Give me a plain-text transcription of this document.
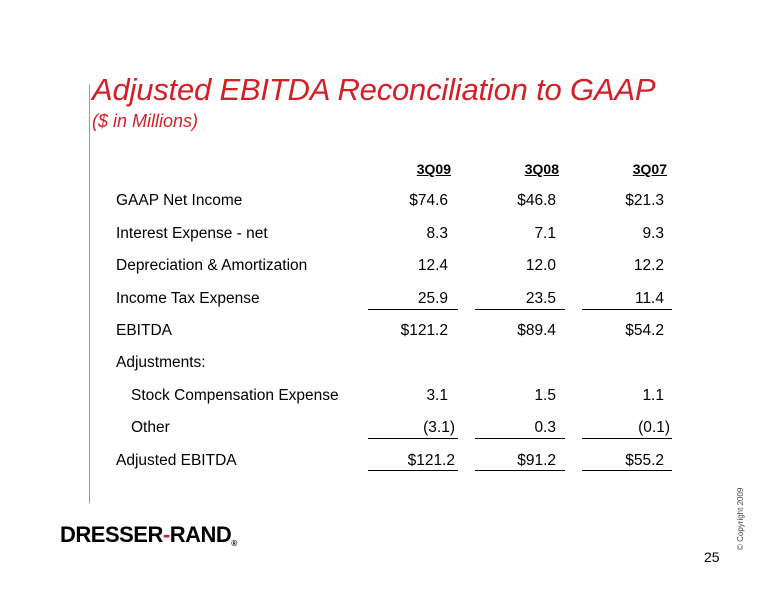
Adjusted EBITDA Reconciliation to GAAP
($ in Millions)
3Q09	3Q08	3Q07
GAAP Net Income	$74.6	$46.8	$21.3
Interest Expense - net	8.3	7.1	9.3
Depreciation & Amortization	12.4	12.0	12.2
Income Tax Expense	25.9	23.5	11.4
EBITDA	$121.2	$89.4	$54.2
Adjustments:
Stock Compensation Expense	3.1	1.5	1.1
Other	(3.1)	0.3	(0.1)
Adjusted EBITDA	$121.2	$91.2	$55.2
DRESSER-RAND®	© Copyright 2009
25
